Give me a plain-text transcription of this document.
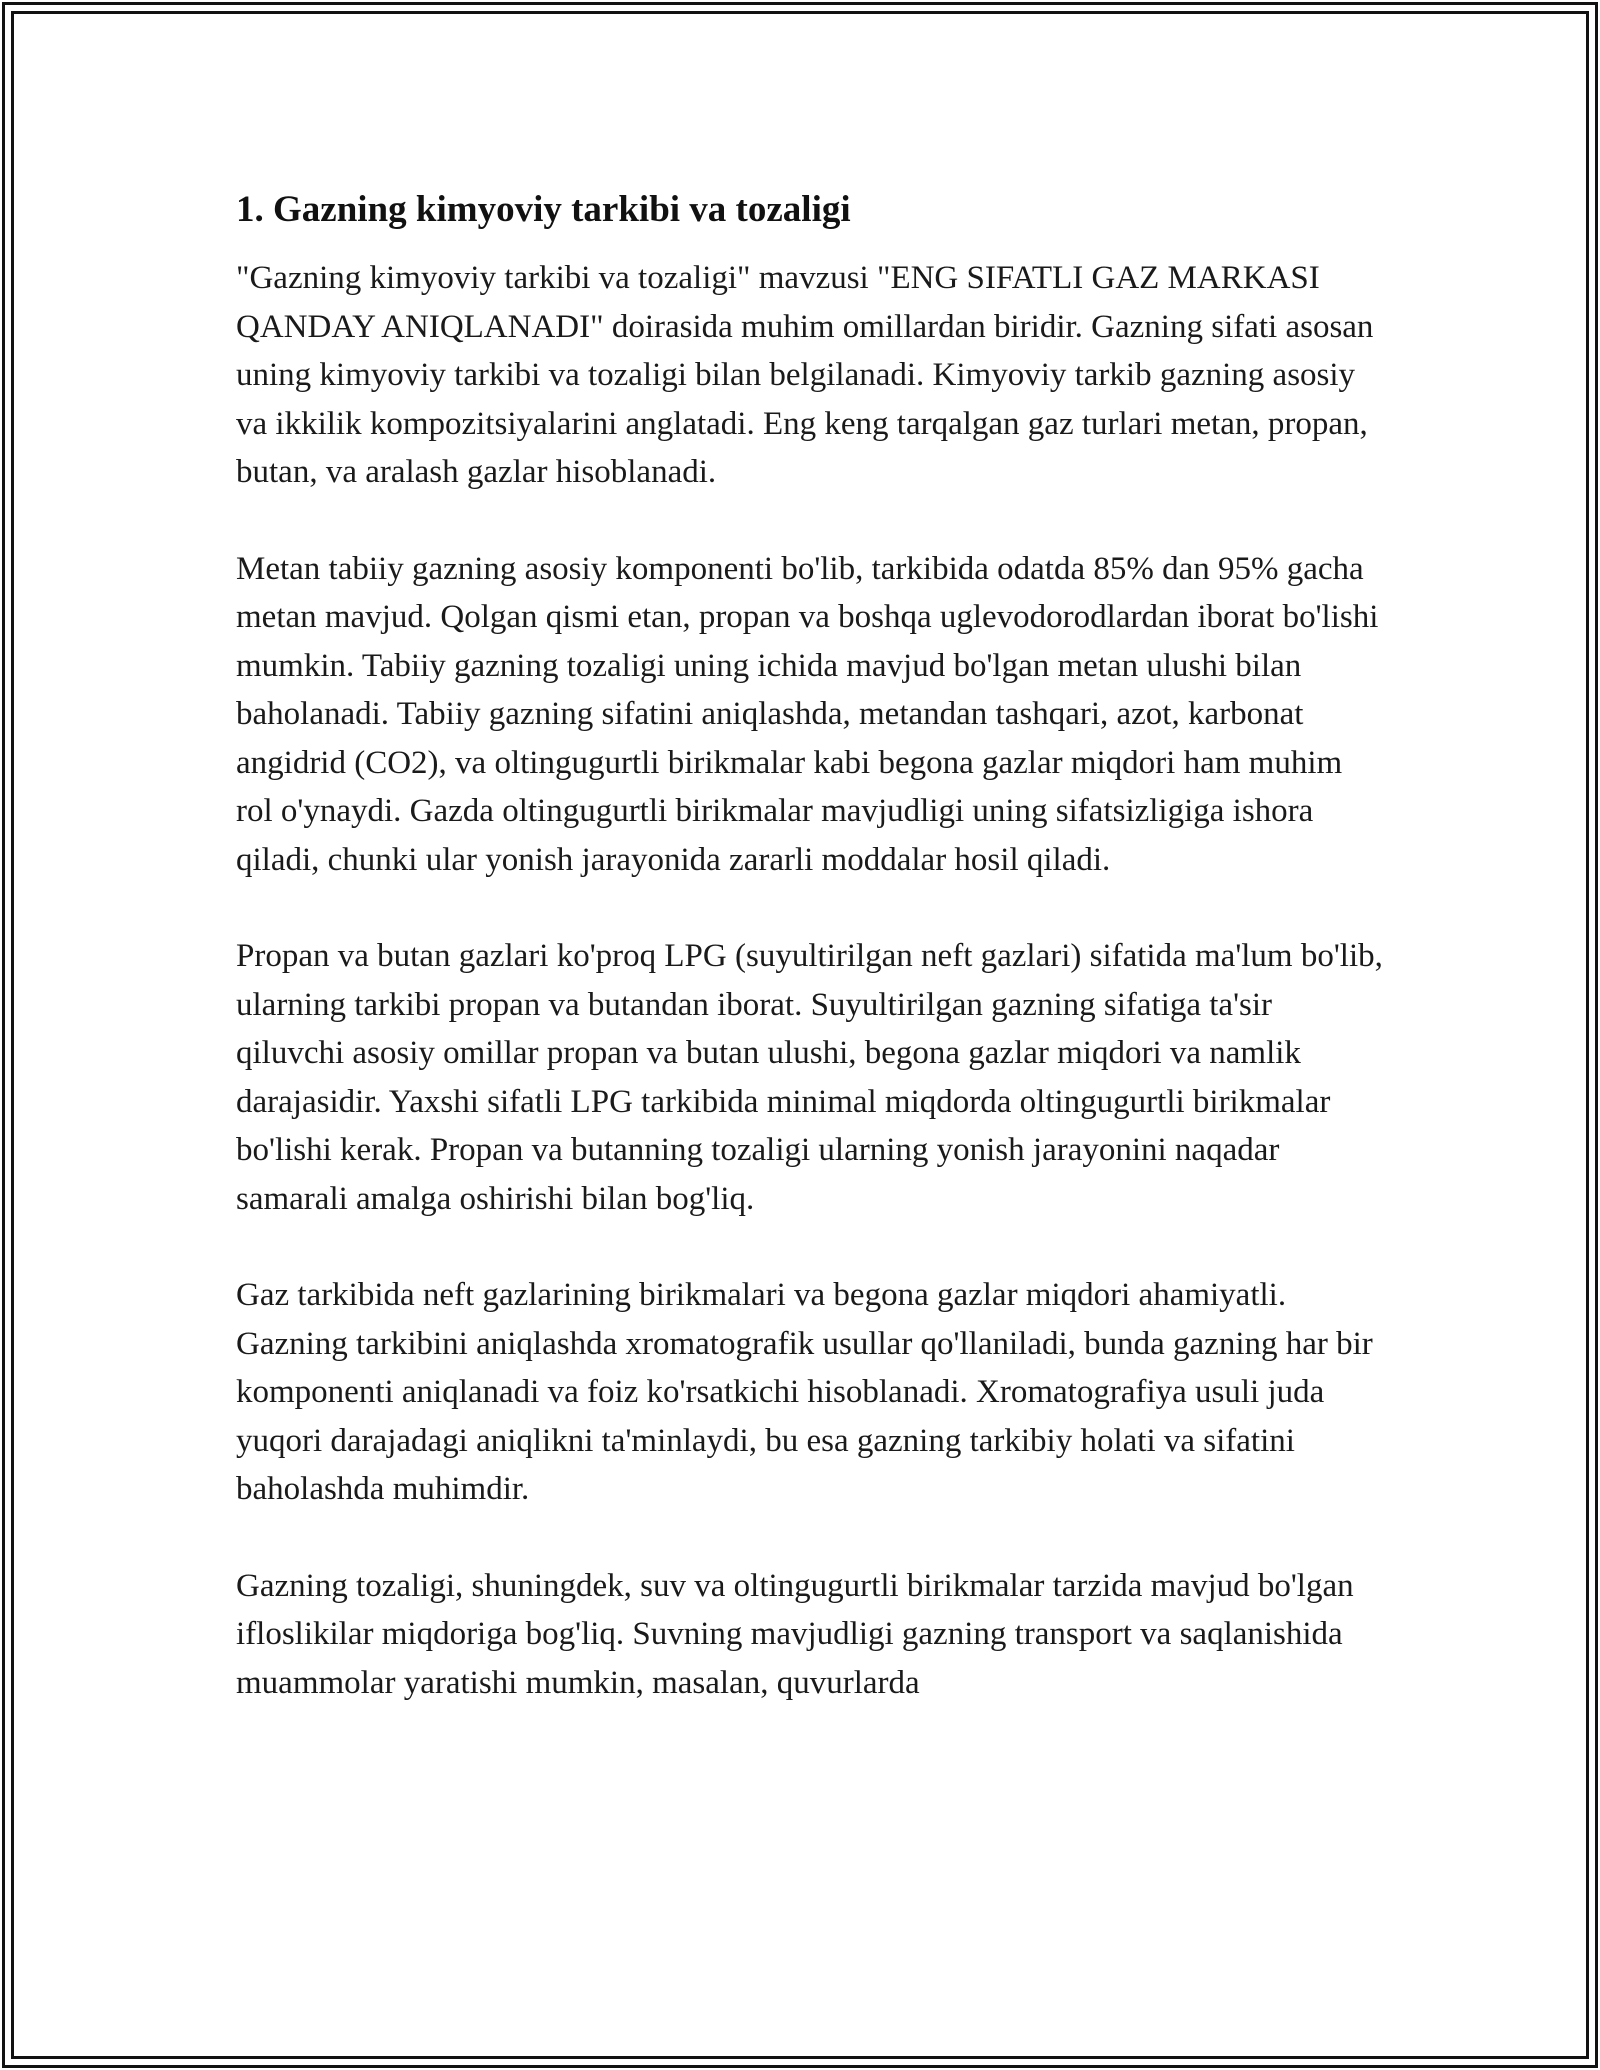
1. Gazning kimyoviy tarkibi va tozaligi

"Gazning kimyoviy tarkibi va tozaligi" mavzusi "ENG SIFATLI GAZ MARKASI QANDAY ANIQLANADI" doirasida muhim omillardan biridir. Gazning sifati asosan uning kimyoviy tarkibi va tozaligi bilan belgilanadi. Kimyoviy tarkib gazning asosiy va ikkilik kompozitsiyalarini anglatadi. Eng keng tarqalgan gaz turlari metan, propan, butan, va aralash gazlar hisoblanadi.

Metan tabiiy gazning asosiy komponenti bo'lib, tarkibida odatda 85% dan 95% gacha metan mavjud. Qolgan qismi etan, propan va boshqa uglevodorodlardan iborat bo'lishi mumkin. Tabiiy gazning tozaligi uning ichida mavjud bo'lgan metan ulushi bilan baholanadi. Tabiiy gazning sifatini aniqlashda, metandan tashqari, azot, karbonat angidrid (CO2), va oltingugurtli birikmalar kabi begona gazlar miqdori ham muhim rol o'ynaydi. Gazda oltingugurtli birikmalar mavjudligi uning sifatsizligiga ishora qiladi, chunki ular yonish jarayonida zararli moddalar hosil qiladi.

Propan va butan gazlari ko'proq LPG (suyultirilgan neft gazlari) sifatida ma'lum bo'lib, ularning tarkibi propan va butandan iborat. Suyultirilgan gazning sifatiga ta'sir qiluvchi asosiy omillar propan va butan ulushi, begona gazlar miqdori va namlik darajasidir. Yaxshi sifatli LPG tarkibida minimal miqdorda oltingugurtli birikmalar bo'lishi kerak. Propan va butanning tozaligi ularning yonish jarayonini naqadar samarali amalga oshirishi bilan bog'liq.

Gaz tarkibida neft gazlarining birikmalari va begona gazlar miqdori ahamiyatli. Gazning tarkibini aniqlashda xromatografik usullar qo'llaniladi, bunda gazning har bir komponenti aniqlanadi va foiz ko'rsatkichi hisoblanadi. Xromatografiya usuli juda yuqori darajadagi aniqlikni ta'minlaydi, bu esa gazning tarkibiy holati va sifatini baholashda muhimdir.

Gazning tozaligi, shuningdek, suv va oltingugurtli birikmalar tarzida mavjud bo'lgan ifloslikilar miqdoriga bog'liq. Suvning mavjudligi gazning transport va saqlanishida muammolar yaratishi mumkin, masalan, quvurlarda
